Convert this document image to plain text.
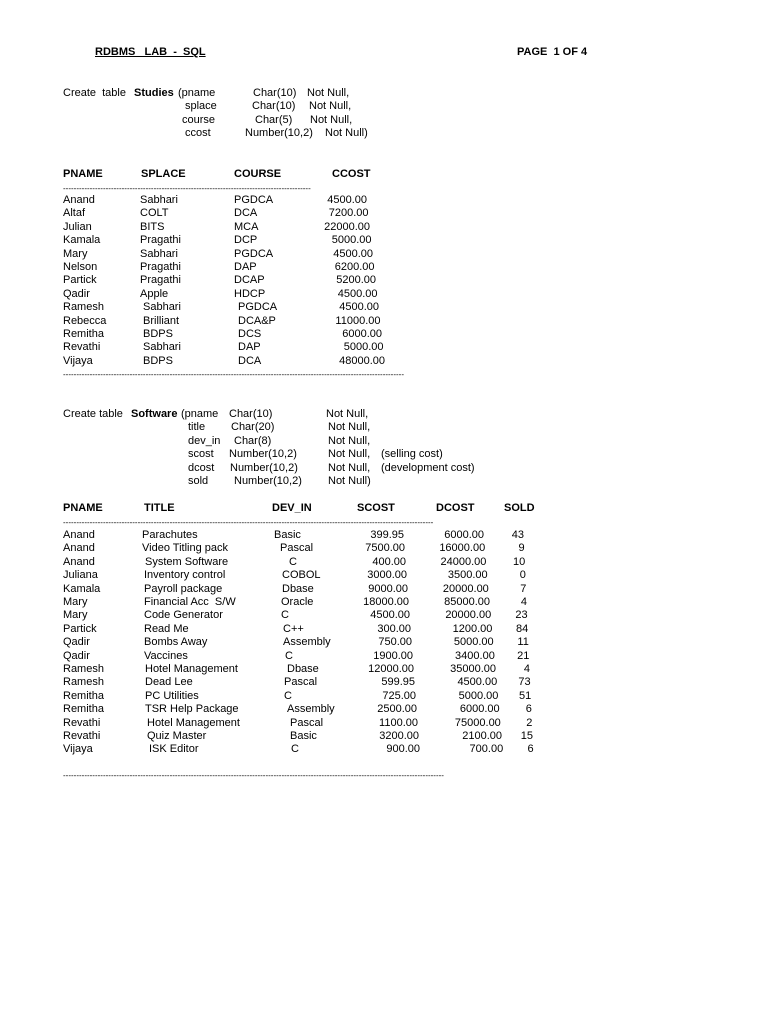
RDBMS   LAB  -  SQL	PAGE  1 OF 4
Create  table Studies (pname	Char(10) Not Null,
splace	Char(10) Not Null,
course	Char(5) Not Null,
ccost	Number(10,2) Not Null)
PNAME	SPLACE	COURSE	CCOST
---------------------------------------------------------------------------------------------
Anand	Sabhari	PGDCA	4500.00
Altaf	COLT	DCA	7200.00
Julian	BITS	MCA	22000.00
Kamala	Pragathi	DCP	5000.00
Mary	Sabhari	PGDCA	4500.00
Nelson	Pragathi	DAP	6200.00
Partick	Pragathi	DCAP	5200.00
Qadir	Apple	HDCP	4500.00
Ramesh	Sabhari	PGDCA	4500.00
Rebecca	Brilliant	DCA&P	11000.00
Remitha	BDPS	DCS	6000.00
Revathi	Sabhari	DAP	5000.00
Vijaya	BDPS	DCA	48000.00
--------------------------------------------------------------------------------------------------------------------------------
Create table Software (pname Char(10)	Not Null,
title Char(20)	Not Null,
dev_in Char(8)	Not Null,
scost Number(10,2)	Not Null, (selling cost)
dcost Number(10,2)	Not Null, (development cost)
sold Number(10,2) Not Null)
PNAME	TITLE	DEV_IN	SCOST	DCOST	SOLD
-------------------------------------------------------------------------------------------------------------------------------------------
Anand	Parachutes	Basic	399.95	6000.00	43
Anand	Video Titling pack	Pascal	7500.00	16000.00	9
Anand	System Software	C	400.00	24000.00 10
Juliana	Inventory control	COBOL	3000.00	3500.00	0
Kamala	Payroll package	Dbase	9000.00	20000.00	7
Mary	Financial Acc  S/W	Oracle	18000.00	85000.00	4
Mary	Code Generator	C	4500.00	20000.00 23
Partick	Read Me	C++	300.00	1200.00 84
Qadir	Bombs Away	Assembly	750.00	5000.00 11
Qadir	Vaccines	C	1900.00	3400.00 21
Ramesh	Hotel Management	Dbase	12000.00	35000.00	4
Ramesh	Dead Lee	Pascal	599.95	4500.00 73
Remitha	PC Utilities	C	725.00	5000.00 51
Remitha	TSR Help Package	Assembly	2500.00	6000.00 6
Revathi	Hotel Management	Pascal	1100.00	75000.00 2
Revathi	Quiz Master	Basic	3200.00	2100.00 15
Vijaya	ISK Editor	C	900.00	700.00 6
-----------------------------------------------------------------------------------------------------------------------------------------------
